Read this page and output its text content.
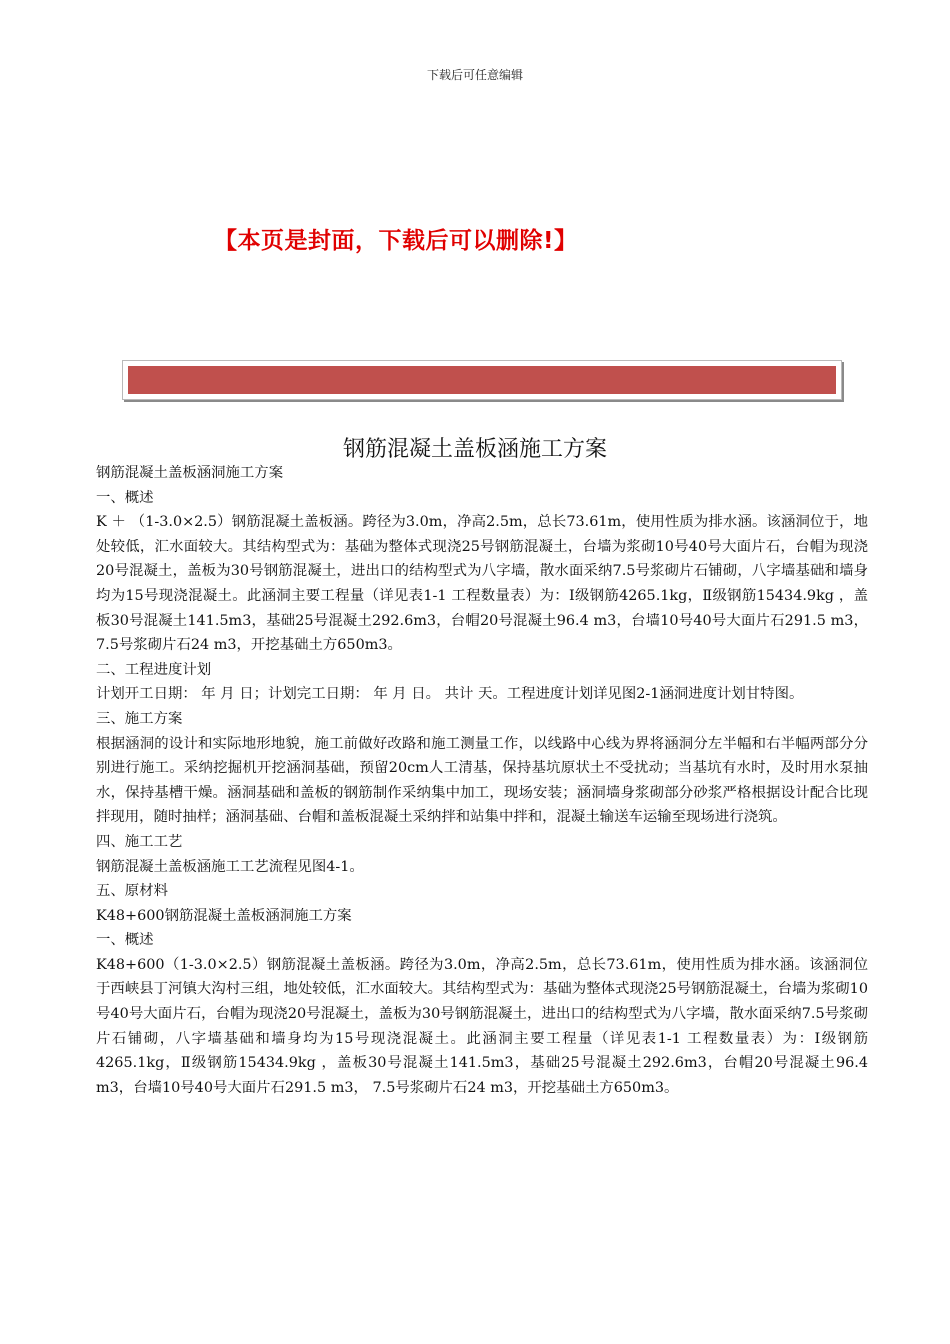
下载后可任意编辑
【本页是封面，下载后可以删除!】
钢筋混凝土盖板涵施工方案

钢筋混凝土盖板涵洞施工方案

一、概述

K ＋ （1-3.0×2.5）钢筋混凝土盖板涵。跨径为3.0m，净高2.5m，总长73.61m，使用性质为排水涵。该涵洞位于，地处较低，汇水面较大。其结构型式为：基础为整体式现浇25号钢筋混凝土，台墙为浆砌10号40号大面片石，台帽为现浇20号混凝土，盖板为30号钢筋混凝土，进出口的结构型式为八字墙，散水面采纳7.5号浆砌片石铺砌，八字墙基础和墙身均为15号现浇混凝土。此涵洞主要工程量（详见表1-1 工程数量表）为：Ⅰ级钢筋4265.1kg，Ⅱ级钢筋15434.9kg ，盖板30号混凝土141.5m3，基础25号混凝土292.6m3，台帽20号混凝土96.4 m3，台墙10号40号大面片石291.5 m3， 7.5号浆砌片石24 m3，开挖基础土方650m3。

二、工程进度计划

计划开工日期： 年 月 日；计划完工日期： 年 月 日。 共计 天。工程进度计划详见图2-1涵洞进度计划甘特图。

三、施工方案

根据涵洞的设计和实际地形地貌，施工前做好改路和施工测量工作，以线路中心线为界将涵洞分左半幅和右半幅两部分分别进行施工。采纳挖掘机开挖涵洞基础，预留20cm人工清基，保持基坑原状土不受扰动；当基坑有水时，及时用水泵抽水，保持基槽干燥。涵洞基础和盖板的钢筋制作采纳集中加工，现场安装；涵洞墙身浆砌部分砂浆严格根据设计配合比现拌现用，随时抽样；涵洞基础、台帽和盖板混凝土采纳拌和站集中拌和，混凝土输送车运输至现场进行浇筑。

四、施工工艺

钢筋混凝土盖板涵施工工艺流程见图4-1。

五、原材料

K48+600钢筋混凝土盖板涵洞施工方案

一、概述

K48+600（1-3.0×2.5）钢筋混凝土盖板涵。跨径为3.0m，净高2.5m，总长73.61m，使用性质为排水涵。该涵洞位于西峡县丁河镇大沟村三组，地处较低，汇水面较大。其结构型式为：基础为整体式现浇25号钢筋混凝土，台墙为浆砌10号40号大面片石，台帽为现浇20号混凝土，盖板为30号钢筋混凝土，进出口的结构型式为八字墙，散水面采纳7.5号浆砌片石铺砌，八字墙基础和墙身均为15号现浇混凝土。此涵洞主要工程量（详见表1-1 工程数量表）为：Ⅰ级钢筋4265.1kg，Ⅱ级钢筋15434.9kg ，盖板30号混凝土141.5m3，基础25号混凝土292.6m3，台帽20号混凝土96.4 m3，台墙10号40号大面片石291.5 m3， 7.5号浆砌片石24 m3，开挖基础土方650m3。
